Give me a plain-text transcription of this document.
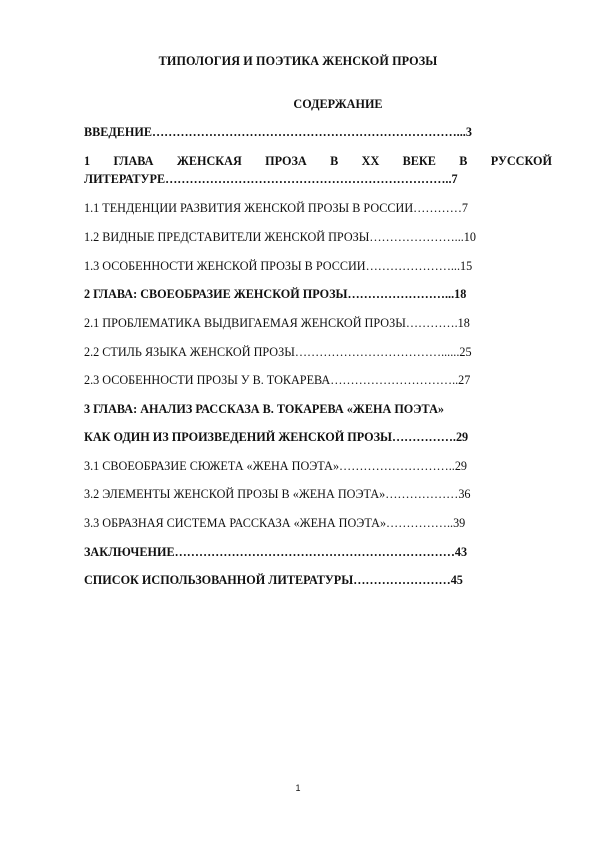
ТИПОЛОГИЯ И ПОЭТИКА ЖЕНСКОЙ ПРОЗЫ
СОДЕРЖАНИЕ
ВВЕДЕНИЕ…………………………………………………………………...3
1 ГЛАВА ЖЕНСКАЯ ПРОЗА В XX ВЕКЕ В РУССКОЙ
ЛИТЕРАТУРЕ……………………………………………………………..7
1.1 ТЕНДЕНЦИИ РАЗВИТИЯ ЖЕНСКОЙ ПРОЗЫ В РОССИИ…………7
1.2 ВИДНЫЕ ПРЕДСТАВИТЕЛИ ЖЕНСКОЙ ПРОЗЫ…………………...10
1.3 ОСОБЕННОСТИ ЖЕНСКОЙ ПРОЗЫ В РОССИИ…………………...15
2 ГЛАВА: СВОЕОБРАЗИЕ ЖЕНСКОЙ ПРОЗЫ……………………...18
2.1 ПРОБЛЕМАТИКА ВЫДВИГАЕМАЯ ЖЕНСКОЙ ПРОЗЫ………….18
2.2 СТИЛЬ ЯЗЫКА ЖЕНСКОЙ ПРОЗЫ………………………………......25
2.3 ОСОБЕННОСТИ ПРОЗЫ У В. ТОКАРЕВА…………………………..27
3 ГЛАВА: АНАЛИЗ РАССКАЗА В. ТОКАРЕВА «ЖЕНА ПОЭТА»
КАК ОДИН ИЗ ПРОИЗВЕДЕНИЙ ЖЕНСКОЙ ПРОЗЫ…………….29
3.1 СВОЕОБРАЗИЕ СЮЖЕТА «ЖЕНА ПОЭТА»………………………..29
3.2 ЭЛЕМЕНТЫ ЖЕНСКОЙ ПРОЗЫ В «ЖЕНА ПОЭТА»………………36
3.3 ОБРАЗНАЯ СИСТЕМА РАССКАЗА «ЖЕНА ПОЭТА»……………..39
ЗАКЛЮЧЕНИЕ……………………………………………………………43
СПИСОК ИСПОЛЬЗОВАННОЙ ЛИТЕРАТУРЫ……………………45
1
